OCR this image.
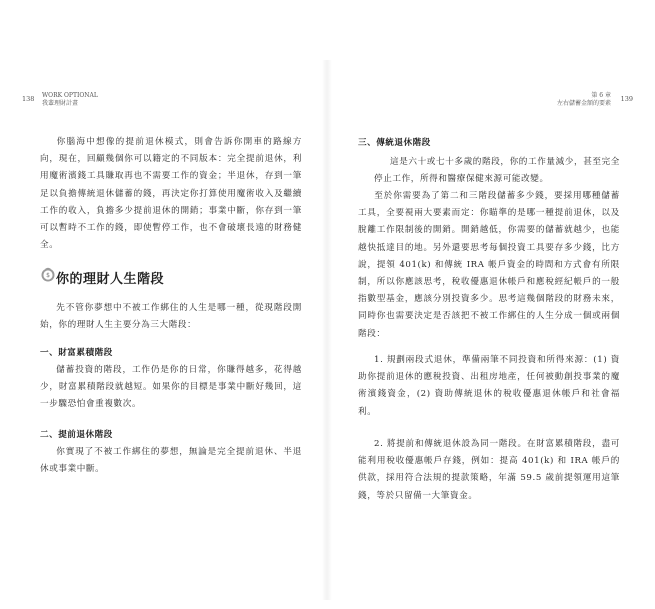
138 WORK OPTIONAL
我輩理財計畫
你腦海中想像的提前退休模式，則會告訴你開車的路線方向，現在，回顧幾個你可以籍定的不同版本：完全提前退休，利用魔術濱錢工具賺取再也不需要工作的資金；半退休，存到一筆足以負擔傳統退休儲蓄的錢，再決定你打算使用魔術收入及繼續工作的收入，負擔多少提前退休的開銷；事業中斷，你存到一筆可以暫時不工作的錢，即使暫停工作，也不會破壞長遠的財務健全。
$ 你的理財人生階段
先不管你夢想中不被工作綁住的人生是哪一種，從現階段開始，你的理財人生主要分為三大階段：
一、財富累積階段
儲蓄投資的階段，工作仍是你的日常，你賺得越多，花得越少，財富累積階段就越短。如果你的目標是事業中斷好幾回，這一步驟恐怕會重複數次。
二、提前退休階段
你實現了不被工作綁住的夢想，無論是完全提前退休、半退休或事業中斷。
第 6 章
左右儲蓄金額的要素
139
三、傳統退休階段
這是六十或七十多歲的階段，你的工作量減少，甚至完全停止工作，所得和醫療保健來源可能改變。
至於你需要為了第二和三階段儲蓄多少錢，要採用哪種儲蓄工具，全要視兩大要素而定：你瞄準的是哪一種提前退休，以及脫離工作限制後的開銷。開銷越低，你需要的儲蓄就越少，也能越快抵達目的地。另外還要思考每個投資工具要存多少錢，比方說，提領 401(k) 和傳統 IRA 帳戶資金的時間和方式會有所限制，所以你應該思考，稅收優惠退休帳戶和應稅經紀帳戶的一般指數型基金，應該分別投資多少。思考這幾個階段的財務未來，同時你也需要決定是否該把不被工作綁住的人生分成一個或兩個階段：
1. 規劃兩段式退休，準備兩筆不同投資和所得來源：(1) 資助你提前退休的應稅投資、出租房地產，任何被動創投事業的魔術濱錢資金，(2) 資助傳統退休的稅收優惠退休帳戶和社會福利。
2. 將提前和傳統退休設為同一階段。在財富累積階段，盡可能利用稅收優惠帳戶存錢，例如：提高 401(k) 和 IRA 帳戶的供款，採用符合法規的提款策略，年滿 59.5 歲前提領運用這筆錢，等於只留備一大筆資金。
